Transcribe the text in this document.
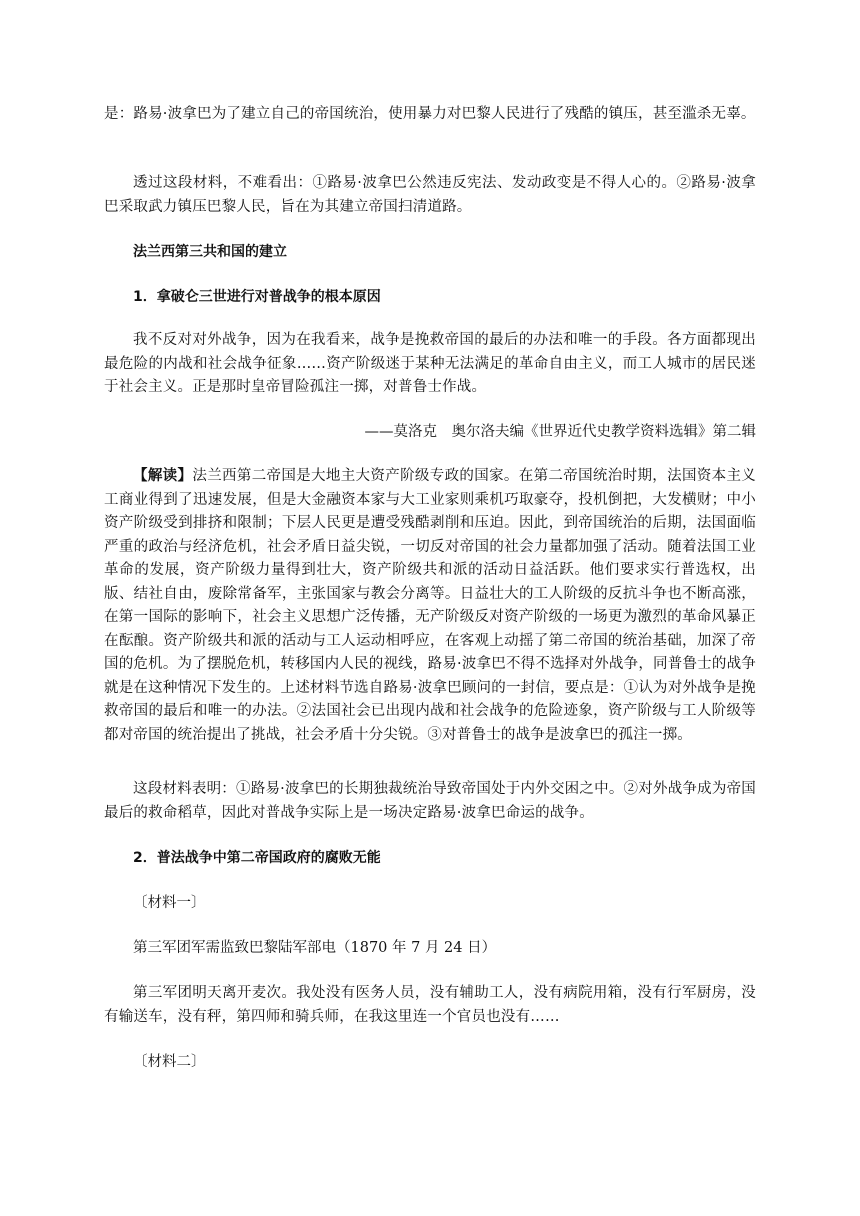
是：路易·波拿巴为了建立自己的帝国统治，使用暴力对巴黎人民进行了残酷的镇压，甚至滥杀无辜。

透过这段材料，不难看出：①路易·波拿巴公然违反宪法、发动政变是不得人心的。②路易·波拿巴采取武力镇压巴黎人民，旨在为其建立帝国扫清道路。

法兰西第三共和国的建立

1．拿破仑三世进行对普战争的根本原因

我不反对对外战争，因为在我看来，战争是挽救帝国的最后的办法和唯一的手段。各方面都现出最危险的内战和社会战争征象……资产阶级迷于某种无法满足的革命自由主义，而工人城市的居民迷于社会主义。正是那时皇帝冒险孤注一掷，对普鲁士作战。

——莫洛克　奥尔洛夫编《世界近代史教学资料选辑》第二辑

【解读】法兰西第二帝国是大地主大资产阶级专政的国家。在第二帝国统治时期，法国资本主义工商业得到了迅速发展，但是大金融资本家与大工业家则乘机巧取豪夺，投机倒把，大发横财；中小资产阶级受到排挤和限制；下层人民更是遭受残酷剥削和压迫。因此，到帝国统治的后期，法国面临严重的政治与经济危机，社会矛盾日益尖锐，一切反对帝国的社会力量都加强了活动。随着法国工业革命的发展，资产阶级力量得到壮大，资产阶级共和派的活动日益活跃。他们要求实行普选权，出版、结社自由，废除常备军，主张国家与教会分离等。日益壮大的工人阶级的反抗斗争也不断高涨，在第一国际的影响下，社会主义思想广泛传播，无产阶级反对资产阶级的一场更为激烈的革命风暴正在酝酿。资产阶级共和派的活动与工人运动相呼应，在客观上动摇了第二帝国的统治基础，加深了帝国的危机。为了摆脱危机，转移国内人民的视线，路易·波拿巴不得不选择对外战争，同普鲁士的战争就是在这种情况下发生的。上述材料节选自路易·波拿巴顾问的一封信，要点是：①认为对外战争是挽救帝国的最后和唯一的办法。②法国社会已出现内战和社会战争的危险迹象，资产阶级与工人阶级等都对帝国的统治提出了挑战，社会矛盾十分尖锐。③对普鲁士的战争是波拿巴的孤注一掷。

这段材料表明：①路易·波拿巴的长期独裁统治导致帝国处于内外交困之中。②对外战争成为帝国最后的救命稻草，因此对普战争实际上是一场决定路易·波拿巴命运的战争。

2．普法战争中第二帝国政府的腐败无能

〔材料一〕

第三军团军需监致巴黎陆军部电（1870 年 7 月 24 日）

第三军团明天离开麦次。我处没有医务人员，没有辅助工人，没有病院用箱，没有行军厨房，没有输送车，没有秤，第四师和骑兵师，在我这里连一个官员也没有……

〔材料二〕
